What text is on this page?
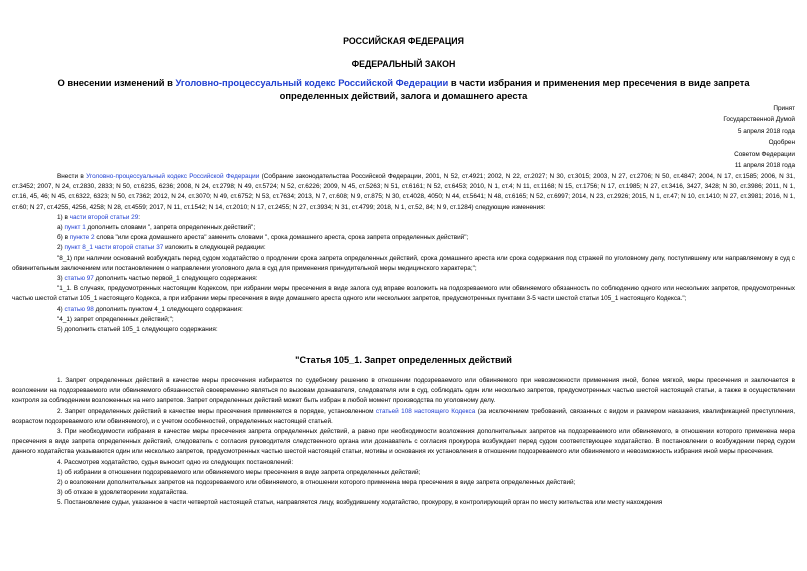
РОССИЙСКАЯ ФЕДЕРАЦИЯ
ФЕДЕРАЛЬНЫЙ ЗАКОН
О внесении изменений в Уголовно-процессуальный кодекс Российской Федерации в части избрания и применения мер пресечения в виде запрета определенных действий, залога и домашнего ареста
Принят
Государственной Думой
5 апреля 2018 года
Одобрен
Советом Федерации
11 апреля 2018 года

Внести в Уголовно-процессуальный кодекс Российской Федерации (Собрание законодательства Российской Федерации, 2001, N 52, ст.4921; 2002, N 22, ст.2027; N 30, ст.3015; 2003, N 27, ст.2706; N 50, ст.4847; 2004, N 17, ст.1585; 2006, N 31, ст.3452; 2007, N 24, ст.2830, 2833; N 50, ст.6235, 6236; 2008, N 24, ст.2798; N 49, ст.5724; N 52, ст.6226; 2009, N 45, ст.5263; N 51, ст.6161; N 52, ст.6453; 2010, N 1, ст.4; N 11, ст.1168; N 15, ст.1756; N 17, ст.1985; N 27, ст.3416, 3427, 3428; N 30, ст.3986; 2011, N 1, ст.16, 45, 46; N 45, ст.6322, 6323; N 50, ст.7362; 2012, N 24, ст.3070; N 49, ст.6752; N 53, ст.7634; 2013, N 7, ст.608; N 9, ст.875; N 30, ст.4028, 4050; N 44, ст.5641; N 48, ст.6165; N 52, ст.6997; 2014, N 23, ст.2926; 2015, N 1, ст.47; N 10, ст.1410; N 27, ст.3981; 2016, N 1, ст.60; N 27, ст.4255, 4256, 4258; N 28, ст.4559; 2017, N 11, ст.1542; N 14, ст.2010; N 17, ст.2455; N 27, ст.3934; N 31, ст.4799; 2018, N 1, ст.52, 84; N 9, ст.1284) следующие изменения:

1) в части второй статьи 29:

а) пункт 1 дополнить словами ", запрета определенных действий";

б) в пункте 2 слова "или срока домашнего ареста" заменить словами ", срока домашнего ареста, срока запрета определенных действий";

2) пункт 8_1 части второй статьи 37 изложить в следующей редакции:

"8_1) при наличии оснований возбуждать перед судом ходатайство о продлении срока запрета определенных действий, срока домашнего ареста или срока содержания под стражей по уголовному делу, поступившему или направляемому в суд с обвинительным заключением или постановлением о направлении уголовного дела в суд для применения принудительной меры медицинского характера;";

3) статью 97 дополнить частью первой_1 следующего содержания:

"1_1. В случаях, предусмотренных настоящим Кодексом, при избрании меры пресечения в виде залога суд вправе возложить на подозреваемого или обвиняемого обязанность по соблюдению одного или нескольких запретов, предусмотренных частью шестой статьи 105_1 настоящего Кодекса, а при избрании меры пресечения в виде домашнего ареста одного или нескольких запретов, предусмотренных пунктами 3-5 части шестой статьи 105_1 настоящего Кодекса.";

4) статью 98 дополнить пунктом 4_1 следующего содержания:

"4_1) запрет определенных действий;";

5) дополнить статьей 105_1 следующего содержания:

"Статья 105_1. Запрет определенных действий

1. Запрет определенных действий в качестве меры пресечения избирается по судебному решению в отношении подозреваемого или обвиняемого при невозможности применения иной, более мягкой, меры пресечения и заключается в возложении на подозреваемого или обвиняемого обязанностей своевременно являться по вызовам дознавателя, следователя или в суд, соблюдать один или несколько запретов, предусмотренных частью шестой настоящей статьи, а также в осуществлении контроля за соблюдением возложенных на него запретов. Запрет определенных действий может быть избран в любой момент производства по уголовному делу.

2. Запрет определенных действий в качестве меры пресечения применяется в порядке, установленном статьей 108 настоящего Кодекса (за исключением требований, связанных с видом и размером наказания, квалификацией преступления, возрастом подозреваемого или обвиняемого), и с учетом особенностей, определенных настоящей статьей.

3. При необходимости избрания в качестве меры пресечения запрета определенных действий, а равно при необходимости возложения дополнительных запретов на подозреваемого или обвиняемого, в отношении которого применена мера пресечения в виде запрета определенных действий, следователь с согласия руководителя следственного органа или дознаватель с согласия прокурора возбуждает перед судом соответствующее ходатайство. В постановлении о возбуждении перед судом данного ходатайства указываются один или несколько запретов, предусмотренных частью шестой настоящей статьи, мотивы и основания их установления в отношении подозреваемого или обвиняемого и невозможность избрания иной меры пресечения.

4. Рассмотрев ходатайство, судья выносит одно из следующих постановлений:

1) об избрании в отношении подозреваемого или обвиняемого меры пресечения в виде запрета определенных действий;

2) о возложении дополнительных запретов на подозреваемого или обвиняемого, в отношении которого применена мера пресечения в виде запрета определенных действий;

3) об отказе в удовлетворении ходатайства.

5. Постановление судьи, указанное в части четвертой настоящей статьи, направляется лицу, возбудившему ходатайство, прокурору, в контролирующий орган по месту жительства или месту нахождения
